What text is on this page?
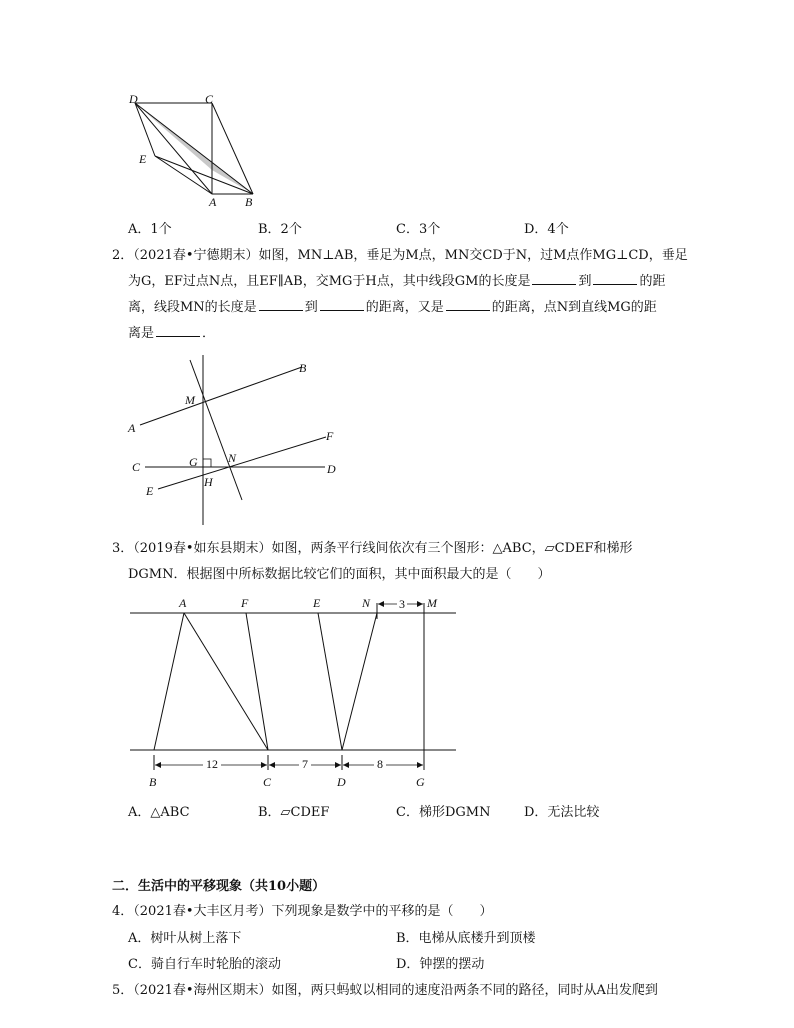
D	C
E
A B
A．1个	B．2个	C．3个	D．4个
2．（2021春•宁德期末）如图，MN⊥AB，垂足为M点，MN交CD于N，过M点作MG⊥CD，垂足
为G，EF过点N点，且EF∥AB，交MG于H点，其中线段GM的长度是	到	的距
离，线段MN的长度是	到	的距离，又是	的距离，点N到直线MG的距
离是	．
B
M
A
F
C	G	N
D
E
H
3．（2019春•如东县期末）如图，两条平行线间依次有三个图形：△ABC，▱CDEF和梯形
DGMN．根据图中所标数据比较它们的面积，其中面积最大的是（　　）
A	F	E	N 3 M
12	7	8
B	C	D	G
A．△ABC	B．▱CDEF	C．梯形DGMN	D．无法比较
二．生活中的平移现象（共10小题）
4．（2021春•大丰区月考）下列现象是数学中的平移的是（　　）
A．树叶从树上落下	B．电梯从底楼升到顶楼
C．骑自行车时轮胎的滚动	D．钟摆的摆动
5．（2021春•海州区期末）如图，两只蚂蚁以相同的速度沿两条不同的路径，同时从A出发爬到
